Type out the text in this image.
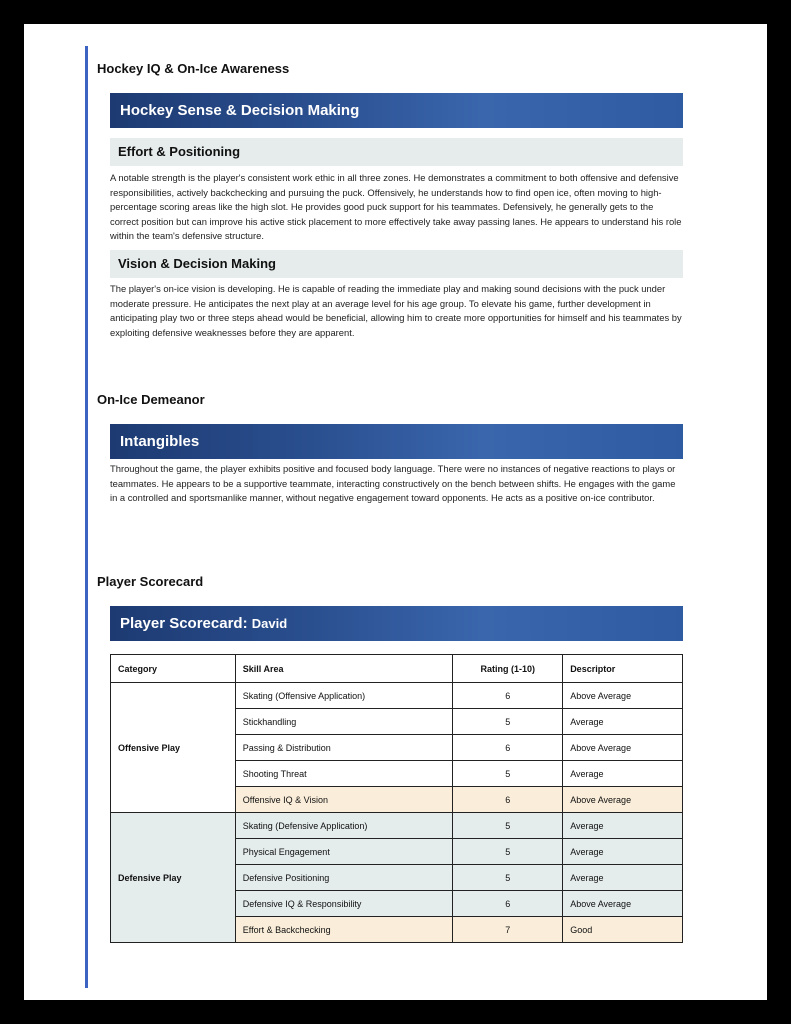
Hockey IQ & On-Ice Awareness
Hockey Sense & Decision Making
Effort & Positioning

A notable strength is the player's consistent work ethic in all three zones. He demonstrates a commitment to both offensive and defensive responsibilities, actively backchecking and pursuing the puck. Offensively, he understands how to find open ice, often moving to high-percentage scoring areas like the high slot. He provides good puck support for his teammates. Defensively, he generally gets to the correct position but can improve his active stick placement to more effectively take away passing lanes. He appears to understand his role within the team's defensive structure.

Vision & Decision Making

The player's on-ice vision is developing. He is capable of reading the immediate play and making sound decisions with the puck under moderate pressure. He anticipates the next play at an average level for his age group. To elevate his game, further development in anticipating play two or three steps ahead would be beneficial, allowing him to create more opportunities for himself and his teammates by exploiting defensive weaknesses before they are apparent.

On-Ice Demeanor
Intangibles

Throughout the game, the player exhibits positive and focused body language. There were no instances of negative reactions to plays or teammates. He appears to be a supportive teammate, interacting constructively on the bench between shifts. He engages with the game in a controlled and sportsmanlike manner, without negative engagement toward opponents. He acts as a positive on-ice contributor.

Player Scorecard
Player Scorecard: David
Category	Skill Area	Rating (1-10)	Descriptor
Offensive Play	Skating (Offensive Application)	6	Above Average
	Stickhandling	5	Average
	Passing & Distribution	6	Above Average
	Shooting Threat	5	Average
	Offensive IQ & Vision	6	Above Average
Defensive Play	Skating (Defensive Application)	5	Average
	Physical Engagement	5	Average
	Defensive Positioning	5	Average
	Defensive IQ & Responsibility	6	Above Average
	Effort & Backchecking	7	Good
